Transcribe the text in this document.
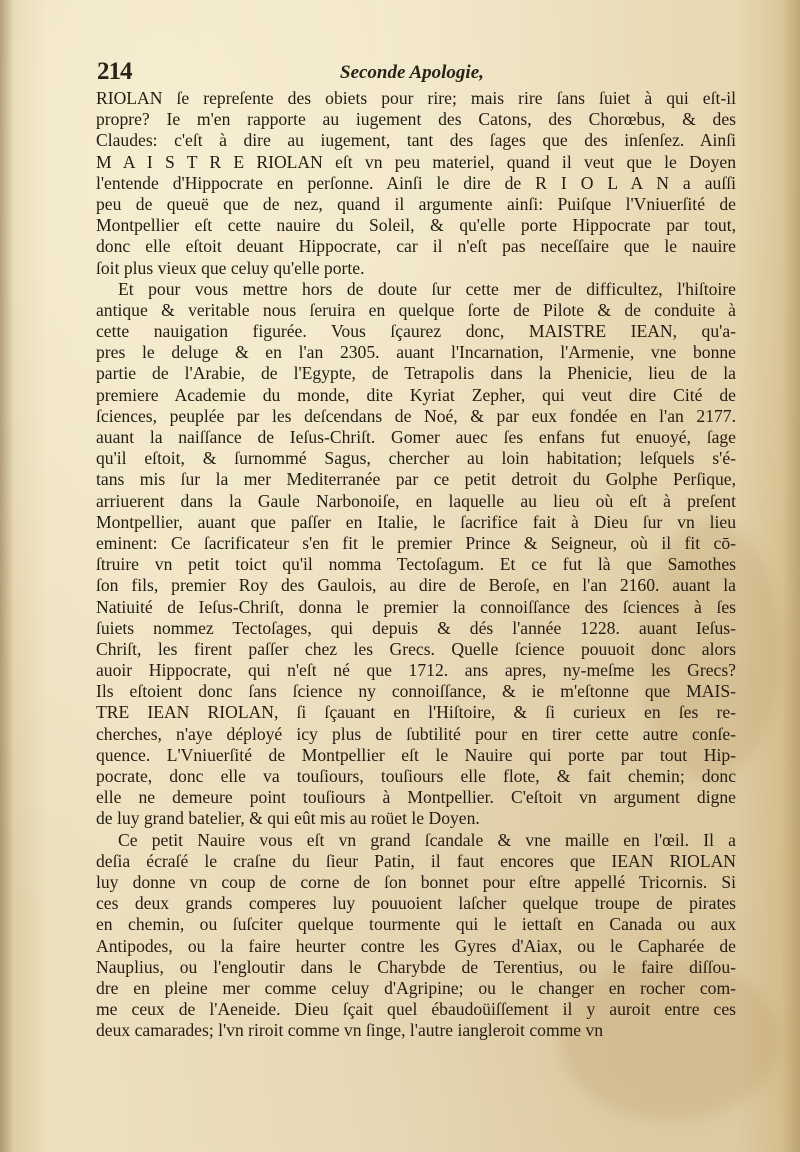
214	Seconde Apologie,
RIOLAN ſe repreſente des obiets pour rire; mais rire ſans ſuiet à qui eſt-il
propre? Ie m'en rapporte au iugement des Catons, des Chorœbus, & des
Claudes: c'eſt à dire au iugement, tant des ſages que des inſenſez. Ainſi
M A I S T R E RIOLAN eſt vn peu materiel, quand il veut que le Doyen
l'entende d'Hippocrate en perſonne. Ainſi le dire de R I O L A N a auſſi
peu de queuë que de nez, quand il argumente ainſi: Puiſque l'Vniuerſité de
Montpellier eſt cette nauire du Soleil, & qu'elle porte Hippocrate par tout,
donc elle eſtoit deuant Hippocrate, car il n'eſt pas neceſſaire que le nauire
ſoit plus vieux que celuy qu'elle porte.
Et pour vous mettre hors de doute ſur cette mer de difficultez, l'hiſtoire
antique & veritable nous ſeruira en quelque ſorte de Pilote & de conduite à
cette nauigation figurée. Vous ſçaurez donc, MAISTRE IEAN, qu'a-
pres le deluge & en l'an 2305. auant l'Incarnation, l'Armenie, vne bonne
partie de l'Arabie, de l'Egypte, de Tetrapolis dans la Phenicie, lieu de la
premiere Academie du monde, dite Kyriat Zepher, qui veut dire Cité de
ſciences, peuplée par les deſcendans de Noé, & par eux fondée en l'an 2177.
auant la naiſſance de Ieſus-Chriſt. Gomer auec ſes enfans fut enuoyé, ſage
qu'il eſtoit, & ſurnommé Sagus, chercher au loin habitation; leſquels s'é-
tans mis ſur la mer Mediterranée par ce petit detroit du Golphe Perſique,
arriuerent dans la Gaule Narbonoiſe, en laquelle au lieu où eſt à preſent
Montpellier, auant que paſſer en Italie, le ſacrifice fait à Dieu ſur vn lieu
eminent: Ce ſacrificateur s'en fit le premier Prince & Seigneur, où il fit cō-
ſtruire vn petit toict qu'il nomma Tectoſagum. Et ce fut là que Samothes
ſon fils, premier Roy des Gaulois, au dire de Beroſe, en l'an 2160. auant la
Natiuité de Ieſus-Chriſt, donna le premier la connoiſſance des ſciences à ſes
ſuiets nommez Tectoſages, qui depuis & dés l'année 1228. auant Ieſus-
Chriſt, les firent paſſer chez les Grecs. Quelle ſcience pouuoit donc alors
auoir Hippocrate, qui n'eſt né que 1712. ans apres, ny-meſme les Grecs?
Ils eſtoient donc ſans ſcience ny connoiſſance, & ie m'eſtonne que MAIS-
TRE IEAN RIOLAN, ſi ſçauant en l'Hiſtoire, & ſi curieux en ſes re-
cherches, n'aye déployé icy plus de ſubtilité pour en tirer cette autre conſe-
quence. L'Vniuerſité de Montpellier eſt le Nauire qui porte par tout Hip-
pocrate, donc elle va touſiours, touſiours elle flote, & fait chemin; donc
elle ne demeure point touſiours à Montpellier. C'eſtoit vn argument digne
de luy grand batelier, & qui eût mis au roüet le Doyen.
Ce petit Nauire vous eſt vn grand ſcandale & vne maille en l'œil. Il a
deſia écraſé le craſne du ſieur Patin, il faut encores que IEAN RIOLAN
luy donne vn coup de corne de ſon bonnet pour eſtre appellé Tricornis. Si
ces deux grands comperes luy pouuoient laſcher quelque troupe de pirates
en chemin, ou ſuſciter quelque tourmente qui le iettaſt en Canada ou aux
Antipodes, ou la faire heurter contre les Gyres d'Aiax, ou le Capharée de
Nauplius, ou l'engloutir dans le Charybde de Terentius, ou le faire diſſou-
dre en pleine mer comme celuy d'Agripine; ou le changer en rocher com-
me ceux de l'Aeneide. Dieu ſçait quel ébaudoüiſſement il y auroit entre ces
deux camarades; l'vn riroit comme vn ſinge, l'autre iangleroit comme vn
